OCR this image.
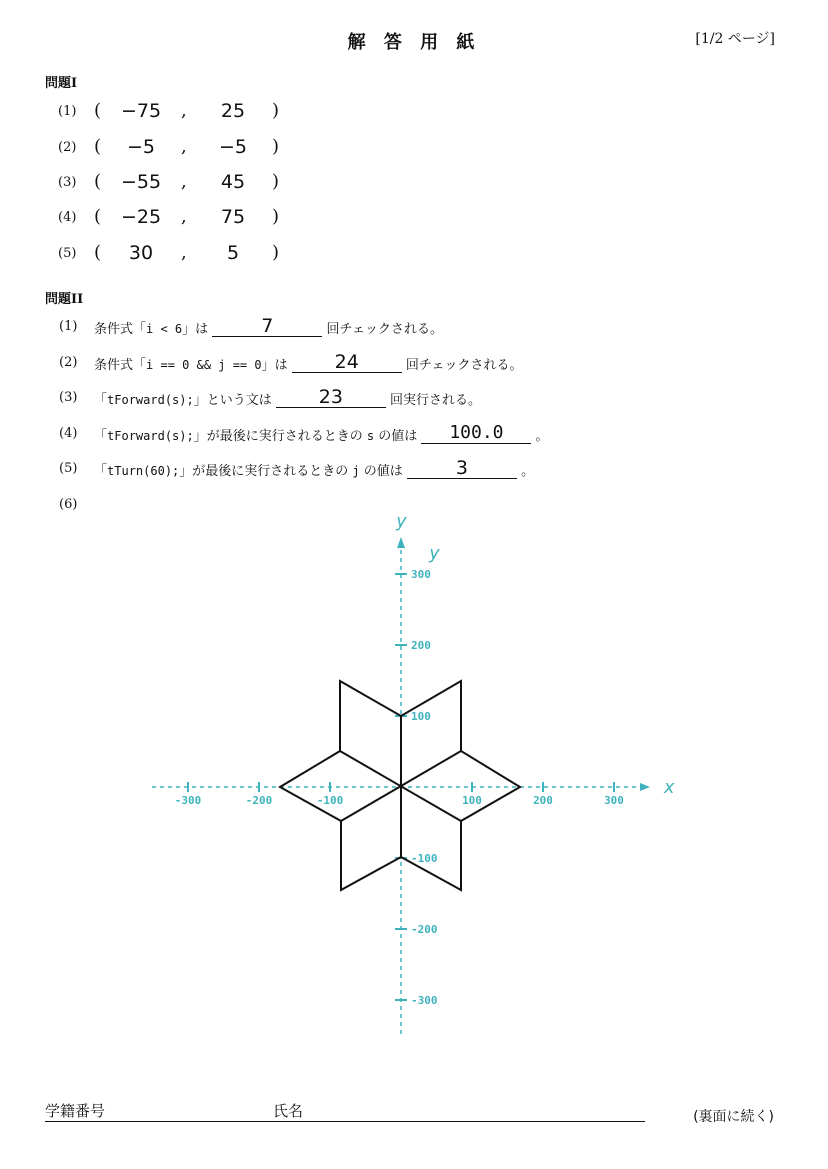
解 答 用 紙	[1/2 ページ]
問題I
(1) ( −75 ,	25	)
(2) (	−5	,	−5	)
(3) ( −55 ,	45	)
(4) ( −25 ,	75	)
(5) (	30	,	5	)
問題II
(1) 条件式「i < 6」は	7	回チェックされる。
(2) 条件式「i == 0 && j == 0」は	24	回チェックされる。
(3) 「tForward(s);」という文は	23	回実行される。
(4) 「tForward(s);」が最後に実行されるときの s の値は	100.0	。
(5) 「tTurn(60);」が最後に実行されるときの j の値は	3	。
(6)
-300	-200	-100	100	200	300
300
200
100
-100
-200
-300
x
y
y
学籍番号	氏名	(裏面に続く)
